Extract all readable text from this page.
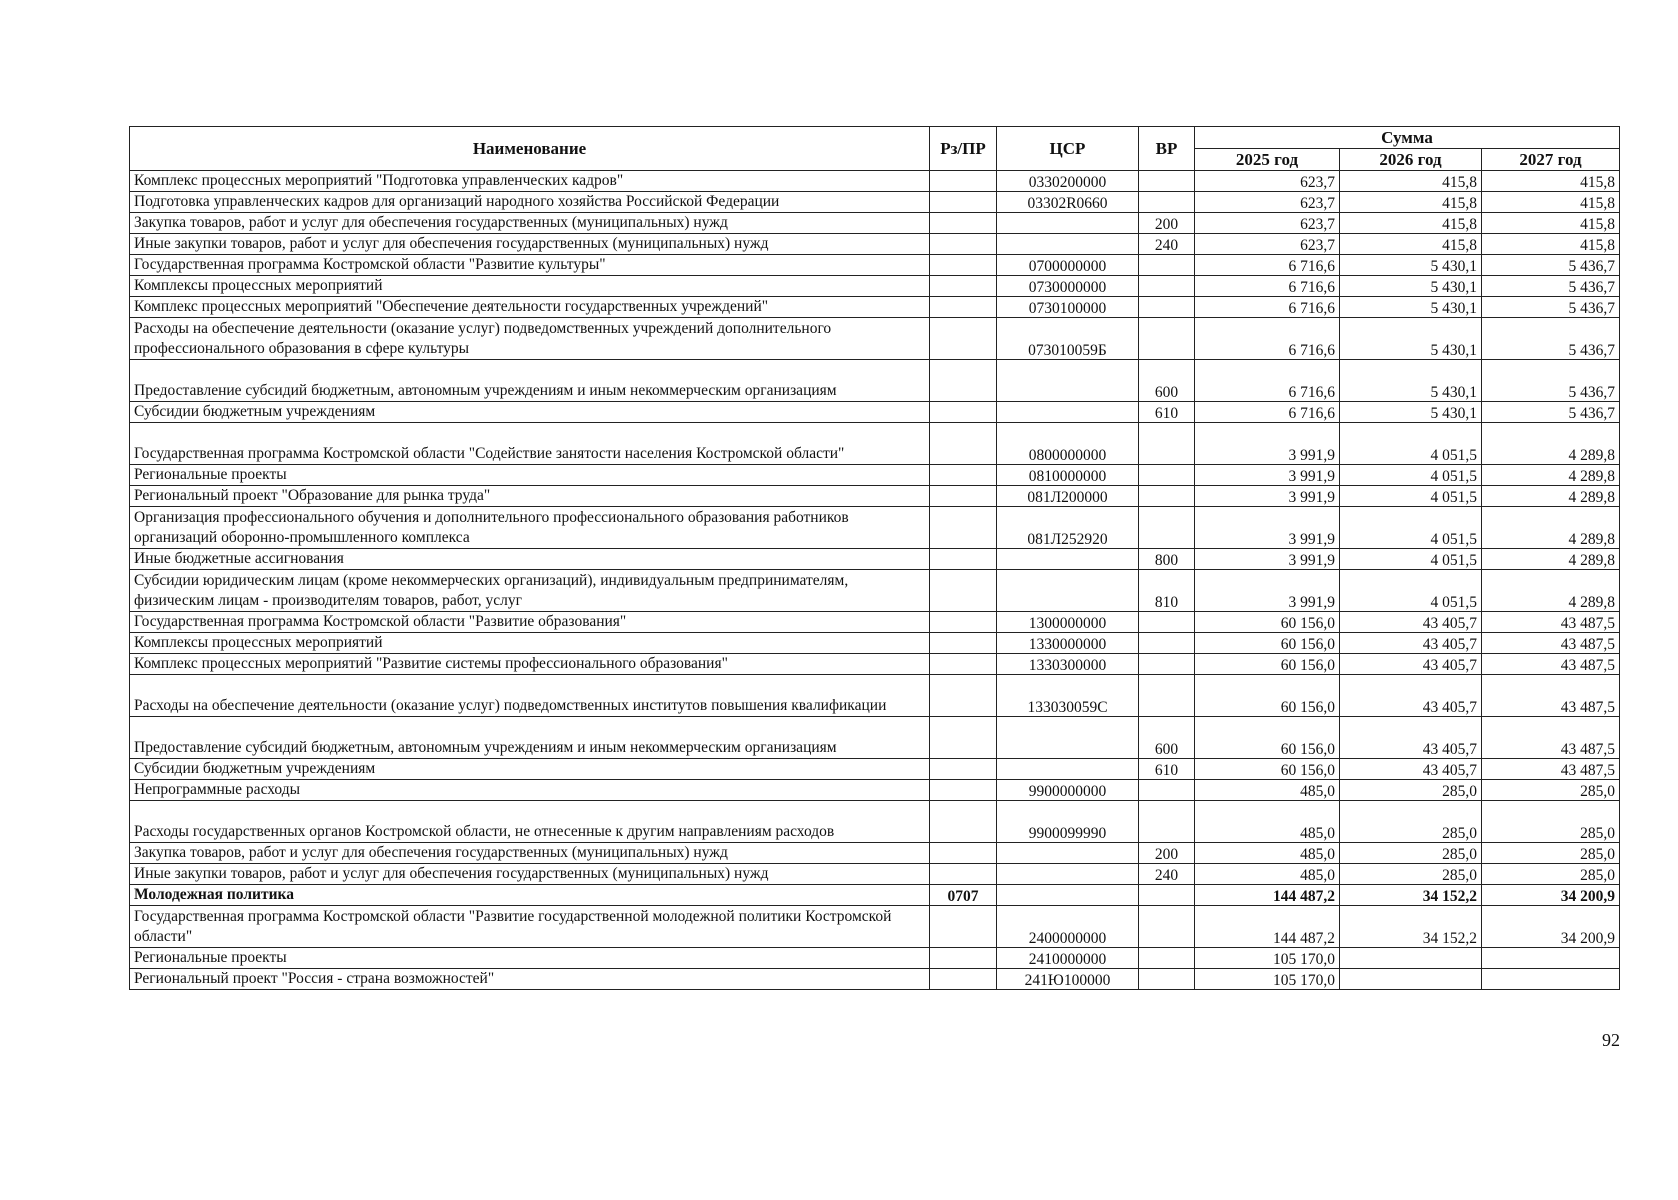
Наименование	Рз/ПР	ЦСР	ВР	Сумма		
				2025 год	2026 год	2027 год
Комплекс процессных мероприятий "Подготовка управленческих кадров"		0330200000		623,7	415,8	415,8
Подготовка управленческих кадров для организаций народного хозяйства Российской Федерации		03302R0660		623,7	415,8	415,8
Закупка товаров, работ и услуг для обеспечения государственных (муниципальных) нужд			200	623,7	415,8	415,8
Иные закупки товаров, работ и услуг для обеспечения государственных (муниципальных) нужд			240	623,7	415,8	415,8
Государственная программа Костромской области "Развитие культуры"		0700000000		6 716,6	5 430,1	5 436,7
Комплексы процессных мероприятий		0730000000		6 716,6	5 430,1	5 436,7
Комплекс процессных мероприятий "Обеспечение деятельности государственных учреждений"		0730100000		6 716,6	5 430,1	5 436,7
Расходы на обеспечение деятельности (оказание услуг) подведомственных учреждений дополнительного профессионального образования в сфере культуры		073010059Б		6 716,6	5 430,1	5 436,7
Предоставление субсидий бюджетным, автономным учреждениям и иным некоммерческим организациям			600	6 716,6	5 430,1	5 436,7
Субсидии бюджетным учреждениям			610	6 716,6	5 430,1	5 436,7
Государственная программа Костромской области "Содействие занятости населения Костромской области"		0800000000		3 991,9	4 051,5	4 289,8
Региональные проекты		0810000000		3 991,9	4 051,5	4 289,8
Региональный проект "Образование для рынка труда"		081Л200000		3 991,9	4 051,5	4 289,8
Организация профессионального обучения и дополнительного профессионального образования работников организаций оборонно-промышленного комплекса		081Л252920		3 991,9	4 051,5	4 289,8
Иные бюджетные ассигнования			800	3 991,9	4 051,5	4 289,8
Субсидии юридическим лицам (кроме некоммерческих организаций), индивидуальным предпринимателям, физическим лицам - производителям товаров, работ, услуг			810	3 991,9	4 051,5	4 289,8
Государственная программа Костромской области "Развитие образования"		1300000000		60 156,0	43 405,7	43 487,5
Комплексы процессных мероприятий		1330000000		60 156,0	43 405,7	43 487,5
Комплекс процессных мероприятий "Развитие системы профессионального образования"		1330300000		60 156,0	43 405,7	43 487,5
Расходы на обеспечение деятельности (оказание услуг) подведомственных институтов повышения квалификации		133030059С		60 156,0	43 405,7	43 487,5
Предоставление субсидий бюджетным, автономным учреждениям и иным некоммерческим организациям			600	60 156,0	43 405,7	43 487,5
Субсидии бюджетным учреждениям			610	60 156,0	43 405,7	43 487,5
Непрограммные расходы		9900000000		485,0	285,0	285,0
Расходы государственных органов Костромской области, не отнесенные к другим направлениям расходов		9900099990		485,0	285,0	285,0
Закупка товаров, работ и услуг для обеспечения государственных (муниципальных) нужд			200	485,0	285,0	285,0
Иные закупки товаров, работ и услуг для обеспечения государственных (муниципальных) нужд			240	485,0	285,0	285,0
Молодежная политика	0707			144 487,2	34 152,2	34 200,9
Государственная программа Костромской области "Развитие государственной молодежной политики Костромской области"		2400000000		144 487,2	34 152,2	34 200,9
Региональные проекты		2410000000		105 170,0		
Региональный проект "Россия - страна возможностей"		241Ю100000		105 170,0		
92
